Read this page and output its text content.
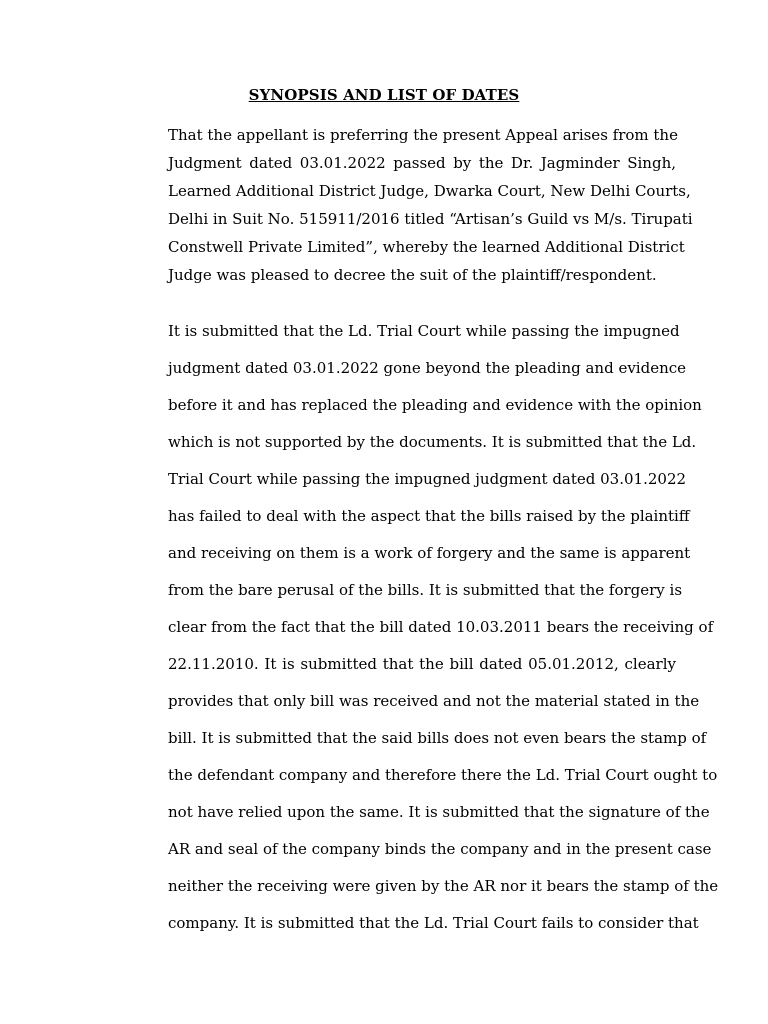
SYNOPSIS AND LIST OF DATES
That the appellant is preferring the present Appeal arises from the
Judgment dated 03.01.2022 passed by the Dr. Jagminder Singh,
Learned Additional District Judge, Dwarka Court, New Delhi Courts,
Delhi in Suit No. 515911/2016 titled “Artisan’s Guild vs M/s. Tirupati
Constwell Private Limited”, whereby the learned Additional District
Judge was pleased to decree the suit of the plaintiff/respondent.
It is submitted that the Ld. Trial Court while passing the impugned
judgment dated 03.01.2022 gone beyond the pleading and evidence
before it and has replaced the pleading and evidence with the opinion
which is not supported by the documents. It is submitted that the Ld.
Trial Court while passing the impugned judgment dated 03.01.2022
has failed to deal with the aspect that the bills raised by the plaintiff
and receiving on them is a work of forgery and the same is apparent
from the bare perusal of the bills. It is submitted that the forgery is
clear from the fact that the bill dated 10.03.2011 bears the receiving of
22.11.2010. It is submitted that the bill dated 05.01.2012, clearly
provides that only bill was received and not the material stated in the
bill. It is submitted that the said bills does not even bears the stamp of
the defendant company and therefore there the Ld. Trial Court ought to
not have relied upon the same. It is submitted that the signature of the
AR and seal of the company binds the company and in the present case
neither the receiving were given by the AR nor it bears the stamp of the
company. It is submitted that the Ld. Trial Court fails to consider that
